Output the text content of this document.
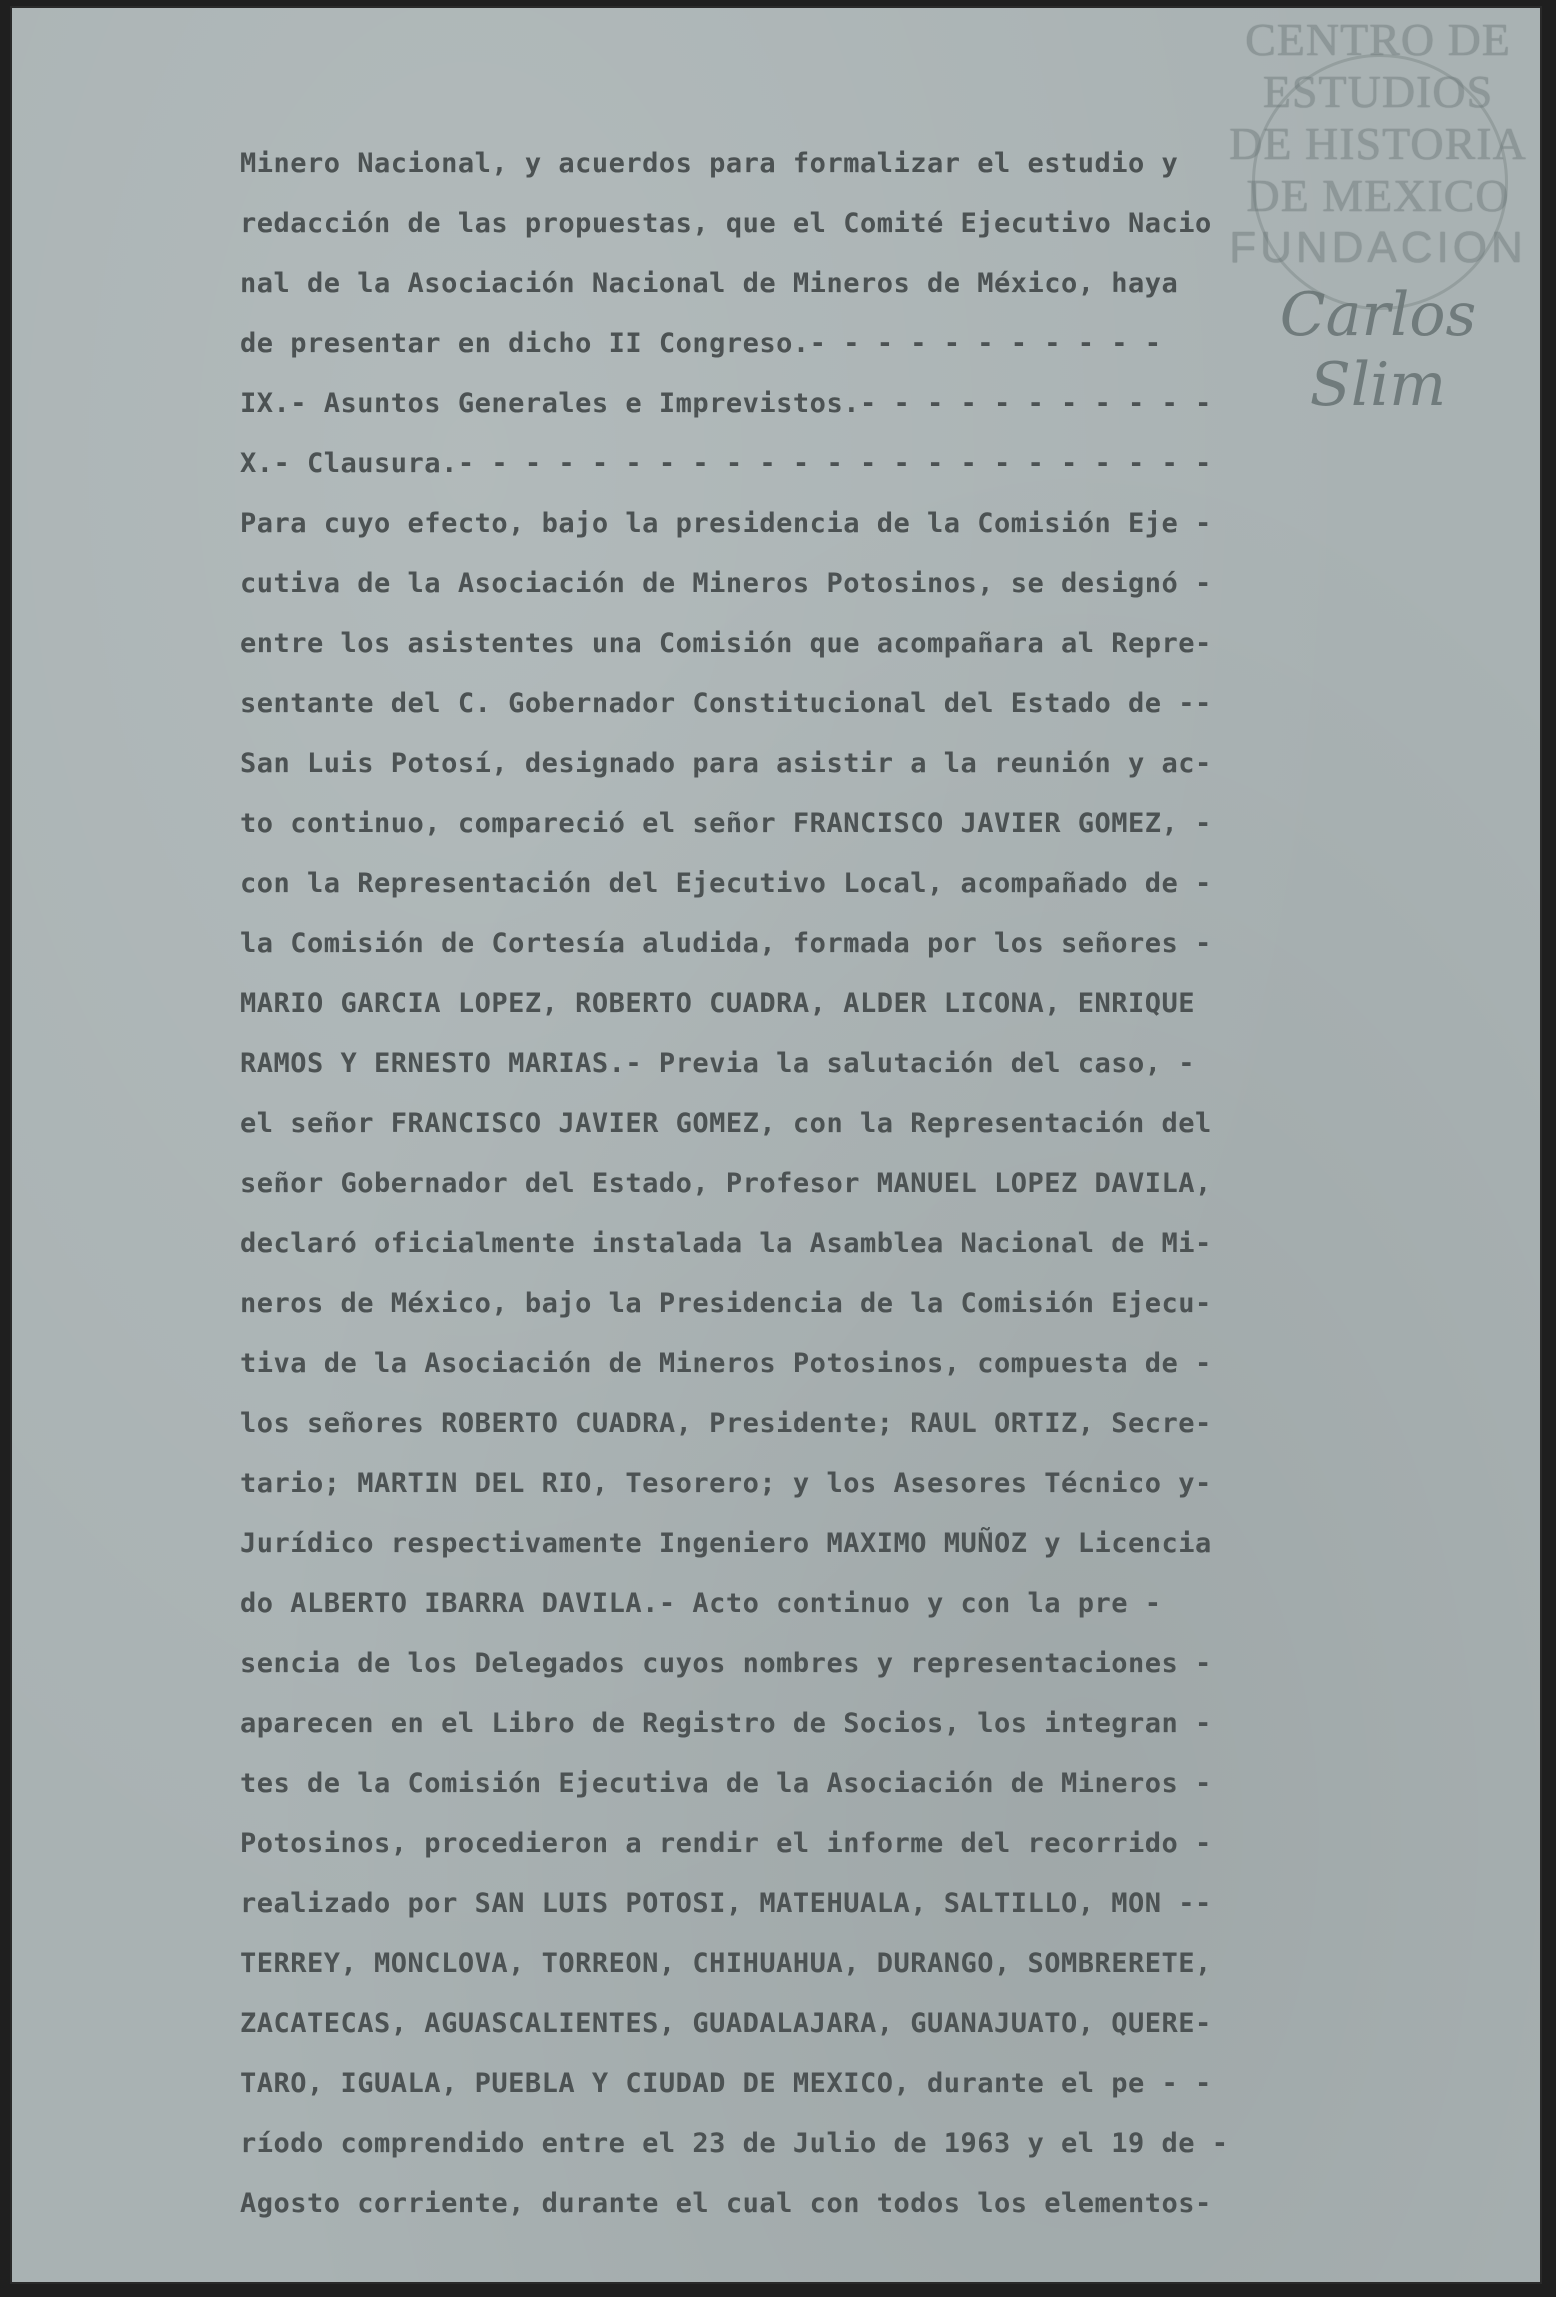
CENTRO DE
ESTUDIOS
DE HISTORIA
DE MEXICO
FUNDACION
Carlos Slim
Minero Nacional, y acuerdos para formalizar el estudio y
redacción de las propuestas, que el Comité Ejecutivo Nacio
nal de la Asociación Nacional de Mineros de México, haya
de presentar en dicho II Congreso.- - - - - - - - - - -
IX.- Asuntos Generales e Imprevistos.- - - - - - - - - - -
X.- Clausura.- - - - - - - - - - - - - - - - - - - - - - -
Para cuyo efecto, bajo la presidencia de la Comisión Eje -
cutiva de la Asociación de Mineros Potosinos, se designó -
entre los asistentes una Comisión que acompañara al Repre-
sentante del C. Gobernador Constitucional del Estado de --
San Luis Potosí, designado para asistir a la reunión y ac-
to continuo, compareció el señor FRANCISCO JAVIER GOMEZ, -
con la Representación del Ejecutivo Local, acompañado de -
la Comisión de Cortesía aludida, formada por los señores -
MARIO GARCIA LOPEZ, ROBERTO CUADRA, ALDER LICONA, ENRIQUE
RAMOS Y ERNESTO MARIAS.- Previa la salutación del caso, -
el señor FRANCISCO JAVIER GOMEZ, con la Representación del
señor Gobernador del Estado, Profesor MANUEL LOPEZ DAVILA,
declaró oficialmente instalada la Asamblea Nacional de Mi-
neros de México, bajo la Presidencia de la Comisión Ejecu-
tiva de la Asociación de Mineros Potosinos, compuesta de -
los señores ROBERTO CUADRA, Presidente; RAUL ORTIZ, Secre-
tario; MARTIN DEL RIO, Tesorero; y los Asesores Técnico y-
Jurídico respectivamente Ingeniero MAXIMO MUÑOZ y Licencia
do ALBERTO IBARRA DAVILA.- Acto continuo y con la pre -
sencia de los Delegados cuyos nombres y representaciones -
aparecen en el Libro de Registro de Socios, los integran -
tes de la Comisión Ejecutiva de la Asociación de Mineros -
Potosinos, procedieron a rendir el informe del recorrido -
realizado por SAN LUIS POTOSI, MATEHUALA, SALTILLO, MON --
TERREY, MONCLOVA, TORREON, CHIHUAHUA, DURANGO, SOMBRERETE,
ZACATECAS, AGUASCALIENTES, GUADALAJARA, GUANAJUATO, QUERE-
TARO, IGUALA, PUEBLA Y CIUDAD DE MEXICO, durante el pe - -
ríodo comprendido entre el 23 de Julio de 1963 y el 19 de -
Agosto corriente, durante el cual con todos los elementos-
